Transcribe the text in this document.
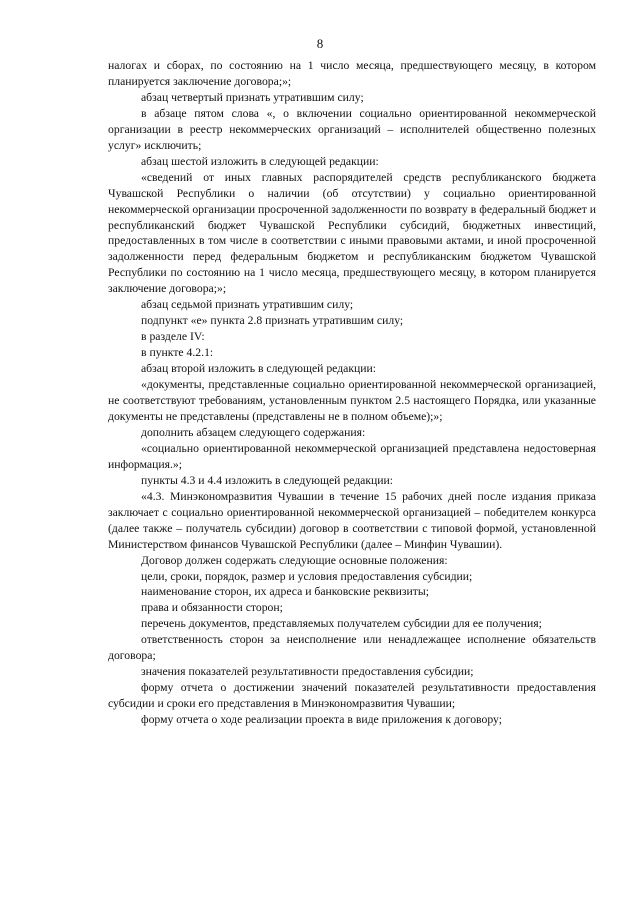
8

налогах и сборах, по состоянию на 1 число месяца, предшествующего месяцу, в котором планируется заключение договора;»;

абзац четвертый признать утратившим силу;

в абзаце пятом слова «, о включении социально ориентированной некоммерческой организации в реестр некоммерческих организаций – исполнителей общественно полезных услуг» исключить;

абзац шестой изложить в следующей редакции:

«сведений от иных главных распорядителей средств республиканского бюджета Чувашской Республики о наличии (об отсутствии) у социально ориентированной некоммерческой организации просроченной задолженности по возврату в федеральный бюджет и республиканский бюджет Чувашской Республики субсидий, бюджетных инвестиций, предоставленных в том числе в соответствии с иными правовыми актами, и иной просроченной задолженности перед федеральным бюджетом и республиканским бюджетом Чувашской Республики по состоянию на 1 число месяца, предшествующего месяцу, в котором планируется заключение договора;»;

абзац седьмой признать утратившим силу;

подпункт «е» пункта 2.8 признать утратившим силу;

в разделе IV:

в пункте 4.2.1:

абзац второй изложить в следующей редакции:

«документы, представленные социально ориентированной некоммерческой организацией, не соответствуют требованиям, установленным пунктом 2.5 настоящего Порядка, или указанные документы не представлены (представлены не в полном объеме);»;

дополнить абзацем следующего содержания:

«социально ориентированной некоммерческой организацией представлена недостоверная информация.»;

пункты 4.3 и 4.4 изложить в следующей редакции:

«4.3. Минэкономразвития Чувашии в течение 15 рабочих дней после издания приказа заключает с социально ориентированной некоммерческой организацией – победителем конкурса (далее также – получатель субсидии) договор в соответствии с типовой формой, установленной Министерством финансов Чувашской Республики (далее – Минфин Чувашии).

Договор должен содержать следующие основные положения:

цели, сроки, порядок, размер и условия предоставления субсидии;

наименование сторон, их адреса и банковские реквизиты;

права и обязанности сторон;

перечень документов, представляемых получателем субсидии для ее получения;

ответственность сторон за неисполнение или ненадлежащее исполнение обязательств договора;

значения показателей результативности предоставления субсидии;

форму отчета о достижении значений показателей результативности предоставления субсидии и сроки его представления в Минэкономразвития Чувашии;

форму отчета о ходе реализации проекта в виде приложения к договору;
